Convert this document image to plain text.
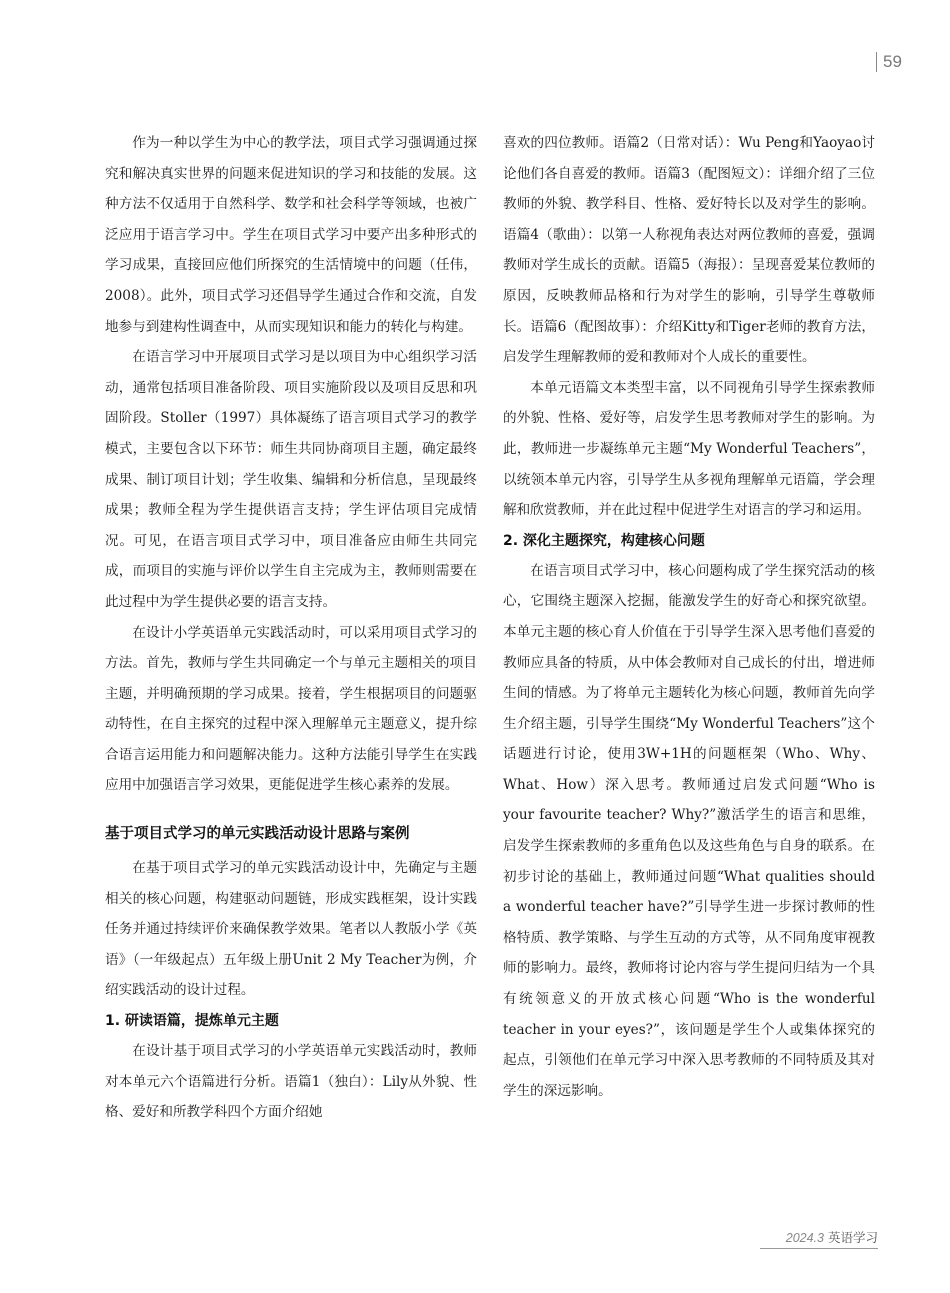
59

作为一种以学生为中心的教学法，项目式学习强调通过探究和解决真实世界的问题来促进知识的学习和技能的发展。这种方法不仅适用于自然科学、数学和社会科学等领域，也被广泛应用于语言学习中。学生在项目式学习中要产出多种形式的学习成果，直接回应他们所探究的生活情境中的问题（任伟，2008）。此外，项目式学习还倡导学生通过合作和交流，自发地参与到建构性调查中，从而实现知识和能力的转化与构建。

在语言学习中开展项目式学习是以项目为中心组织学习活动，通常包括项目准备阶段、项目实施阶段以及项目反思和巩固阶段。Stoller（1997）具体凝练了语言项目式学习的教学模式，主要包含以下环节：师生共同协商项目主题，确定最终成果、制订项目计划；学生收集、编辑和分析信息，呈现最终成果；教师全程为学生提供语言支持；学生评估项目完成情况。可见，在语言项目式学习中，项目准备应由师生共同完成，而项目的实施与评价以学生自主完成为主，教师则需要在此过程中为学生提供必要的语言支持。

在设计小学英语单元实践活动时，可以采用项目式学习的方法。首先，教师与学生共同确定一个与单元主题相关的项目主题，并明确预期的学习成果。接着，学生根据项目的问题驱动特性，在自主探究的过程中深入理解单元主题意义，提升综合语言运用能力和问题解决能力。这种方法能引导学生在实践应用中加强语言学习效果，更能促进学生核心素养的发展。

基于项目式学习的单元实践活动设计思路与案例

在基于项目式学习的单元实践活动设计中，先确定与主题相关的核心问题，构建驱动问题链，形成实践框架，设计实践任务并通过持续评价来确保教学效果。笔者以人教版小学《英语》（一年级起点）五年级上册Unit 2 My Teacher为例，介绍实践活动的设计过程。

1. 研读语篇，提炼单元主题

在设计基于项目式学习的小学英语单元实践活动时，教师对本单元六个语篇进行分析。语篇1（独白）：Lily从外貌、性格、爱好和所教学科四个方面介绍她

喜欢的四位教师。语篇2（日常对话）：Wu Peng和Yaoyao讨论他们各自喜爱的教师。语篇3（配图短文）：详细介绍了三位教师的外貌、教学科目、性格、爱好特长以及对学生的影响。语篇4（歌曲）：以第一人称视角表达对两位教师的喜爱，强调教师对学生成长的贡献。语篇5（海报）：呈现喜爱某位教师的原因，反映教师品格和行为对学生的影响，引导学生尊敬师长。语篇6（配图故事）：介绍Kitty和Tiger老师的教育方法，启发学生理解教师的爱和教师对个人成长的重要性。

本单元语篇文本类型丰富，以不同视角引导学生探索教师的外貌、性格、爱好等，启发学生思考教师对学生的影响。为此，教师进一步凝练单元主题“My Wonderful Teachers”，以统领本单元内容，引导学生从多视角理解单元语篇，学会理解和欣赏教师，并在此过程中促进学生对语言的学习和运用。

2. 深化主题探究，构建核心问题

在语言项目式学习中，核心问题构成了学生探究活动的核心，它围绕主题深入挖掘，能激发学生的好奇心和探究欲望。本单元主题的核心育人价值在于引导学生深入思考他们喜爱的教师应具备的特质，从中体会教师对自己成长的付出，增进师生间的情感。为了将单元主题转化为核心问题，教师首先向学生介绍主题，引导学生围绕“My Wonderful Teachers”这个话题进行讨论，使用3W+1H的问题框架（Who、Why、What、How）深入思考。教师通过启发式问题“Who is your favourite teacher? Why?”激活学生的语言和思维，启发学生探索教师的多重角色以及这些角色与自身的联系。在初步讨论的基础上，教师通过问题“What qualities should a wonderful teacher have?”引导学生进一步探讨教师的性格特质、教学策略、与学生互动的方式等，从不同角度审视教师的影响力。最终，教师将讨论内容与学生提问归结为一个具有统领意义的开放式核心问题“Who is the wonderful teacher in your eyes?”，该问题是学生个人或集体探究的起点，引领他们在单元学习中深入思考教师的不同特质及其对学生的深远影响。

2024.3 英语学习
